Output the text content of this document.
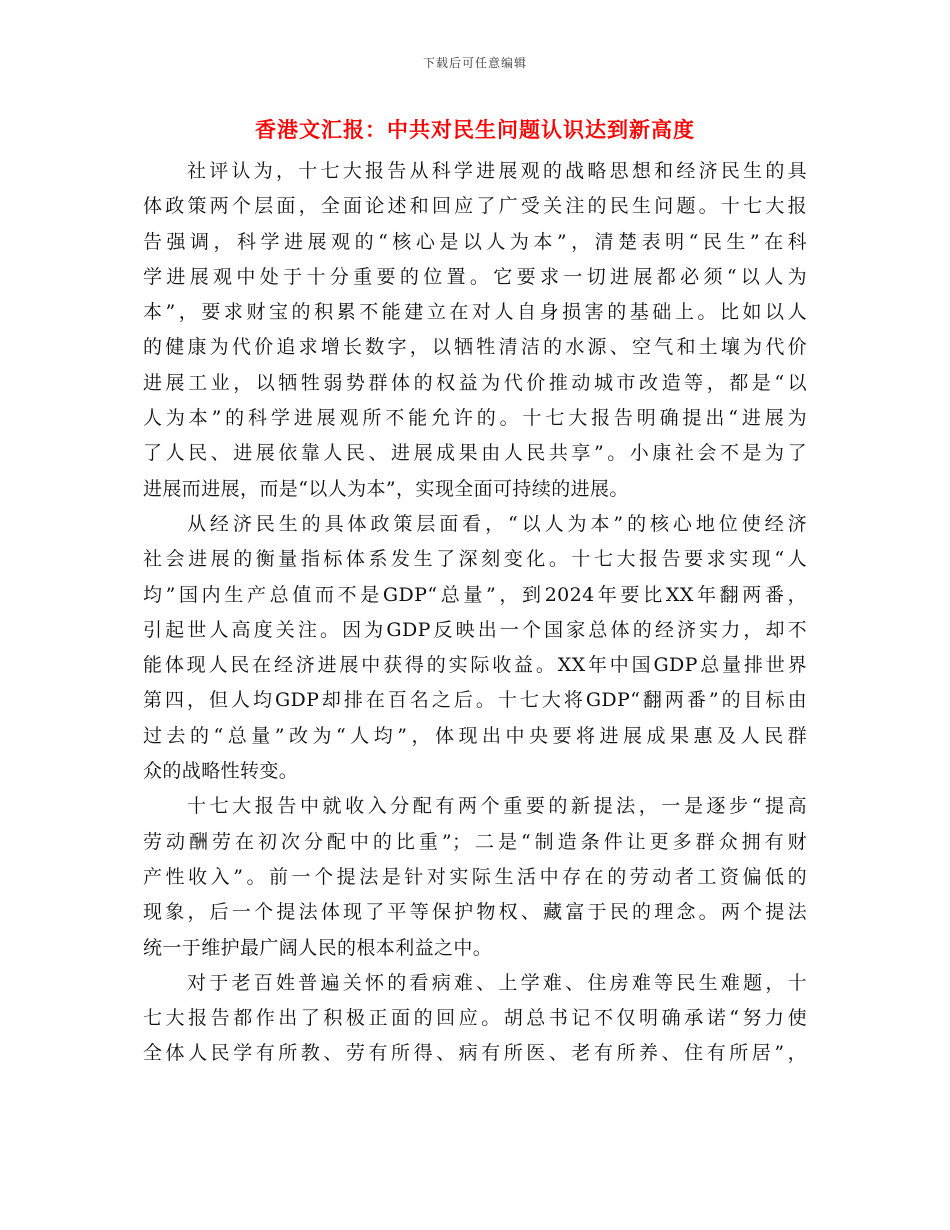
下载后可任意编辑
香港文汇报：中共对民生问题认识达到新高度
社评认为，十七大报告从科学进展观的战略思想和经济民生的具
体政策两个层面，全面论述和回应了广受关注的民生问题。十七大报
告强调，科学进展观的“核心是以人为本”，清楚表明“民生”在科
学进展观中处于十分重要的位置。它要求一切进展都必须“以人为
本”，要求财宝的积累不能建立在对人自身损害的基础上。比如以人
的健康为代价追求增长数字，以牺牲清洁的水源、空气和土壤为代价
进展工业，以牺牲弱势群体的权益为代价推动城市改造等，都是“以
人为本”的科学进展观所不能允许的。十七大报告明确提出“进展为
了人民、进展依靠人民、进展成果由人民共享”。小康社会不是为了
进展而进展，而是“以人为本”，实现全面可持续的进展。
从经济民生的具体政策层面看，“以人为本”的核心地位使经济
社会进展的衡量指标体系发生了深刻变化。十七大报告要求实现“人
均”国内生产总值而不是GDP“总量”，到2024年要比XX年翻两番，
引起世人高度关注。因为GDP反映出一个国家总体的经济实力，却不
能体现人民在经济进展中获得的实际收益。XX年中国GDP总量排世界
第四，但人均GDP却排在百名之后。十七大将GDP“翻两番”的目标由
过去的“总量”改为“人均”，体现出中央要将进展成果惠及人民群
众的战略性转变。
十七大报告中就收入分配有两个重要的新提法，一是逐步“提高
劳动酬劳在初次分配中的比重”；二是“制造条件让更多群众拥有财
产性收入”。前一个提法是针对实际生活中存在的劳动者工资偏低的
现象，后一个提法体现了平等保护物权、藏富于民的理念。两个提法
统一于维护最广阔人民的根本利益之中。
对于老百姓普遍关怀的看病难、上学难、住房难等民生难题，十
七大报告都作出了积极正面的回应。胡总书记不仅明确承诺“努力使
全体人民学有所教、劳有所得、病有所医、老有所养、住有所居”，
